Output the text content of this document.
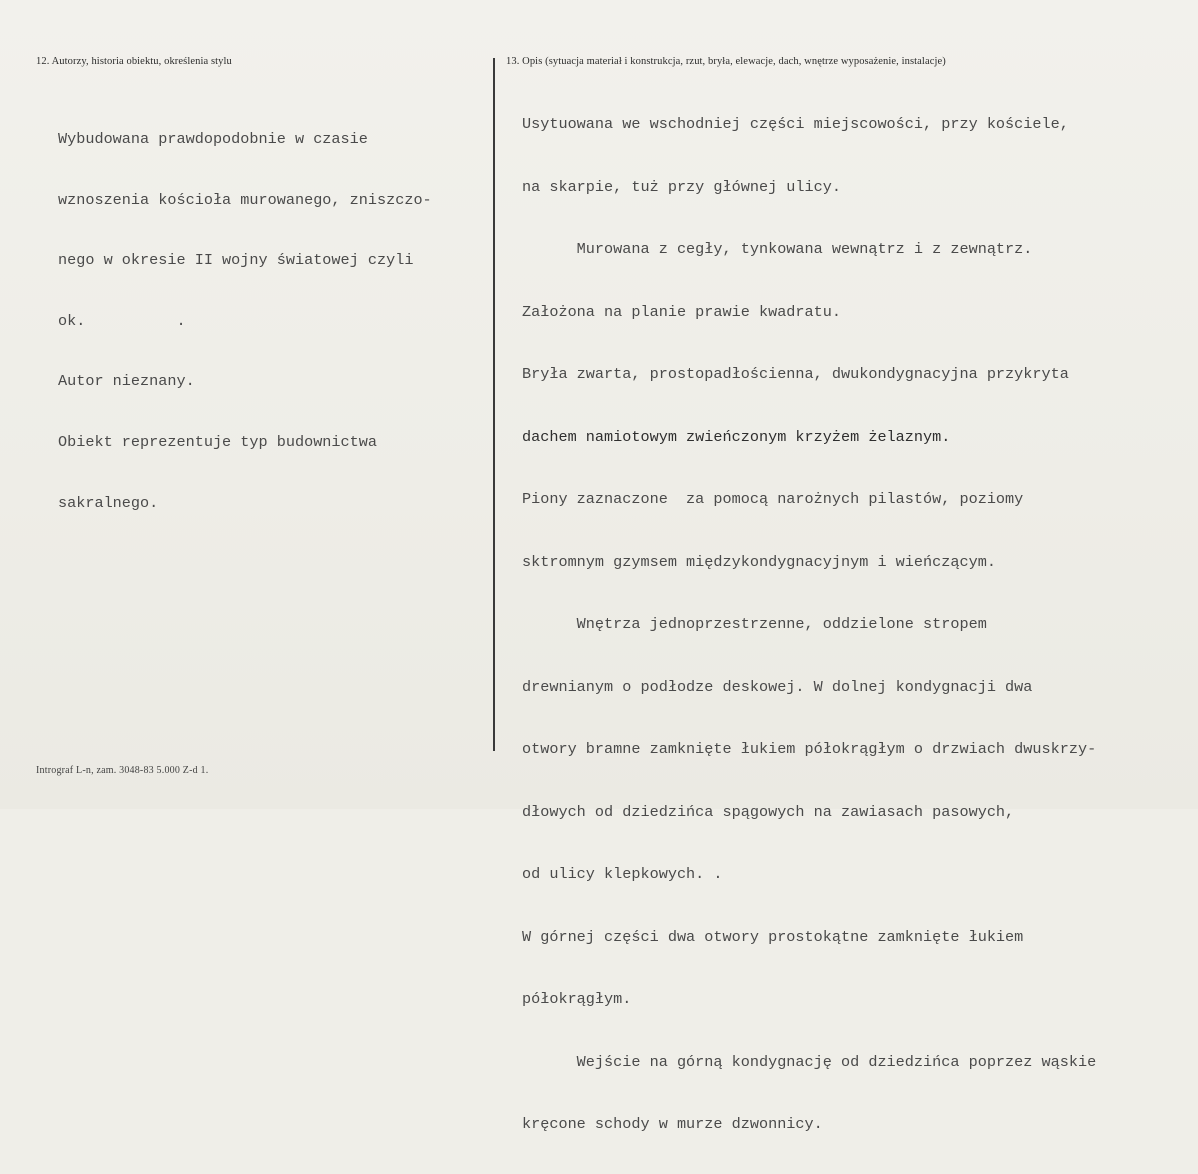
12. Autorzy, historia obiektu, określenia stylu	13. Opis (sytuacja materiał i konstrukcja, rzut, bryła, elewacje, dach, wnętrze wyposażenie, instalacje)

Wybudowana prawdopodobnie w czasie

wznoszenia kościoła murowanego, zniszczo-

nego w okresie II wojny światowej czyli

ok.          .

Autor nieznany.

Obiekt reprezentuje typ budownictwa

sakralnego.

Usytuowana we wschodniej części miejscowości, przy kościele,

na skarpie, tuż przy głównej ulicy.

Murowana z cegły, tynkowana wewnątrz i z zewnątrz.

Założona na planie prawie kwadratu.

Bryła zwarta, prostopadłościenna, dwukondygnacyjna przykryta

dachem namiotowym zwieńczonym krzyżem żelaznym.

Piony zaznaczone  za pomocą narożnych pilastów, poziomy

sktromnym gzymsem międzykondygnacyjnym i wieńczącym.

Wnętrza jednoprzestrzenne, oddzielone stropem

drewnianym o podłodze deskowej. W dolnej kondygnacji dwa

otwory bramne zamknięte łukiem półokrągłym o drzwiach dwuskrzy-

dłowych od dziedzińca spągowych na zawiasach pasowych,

od ulicy klepkowych. .

W górnej części dwa otwory prostokątne zamknięte łukiem

półokrągłym.

Wejście na górną kondygnację od dziedzińca poprzez wąskie

kręcone schody w murze dzwonnicy.

Intrograf L-n, zam. 3048-83 5.000 Z-d 1.
